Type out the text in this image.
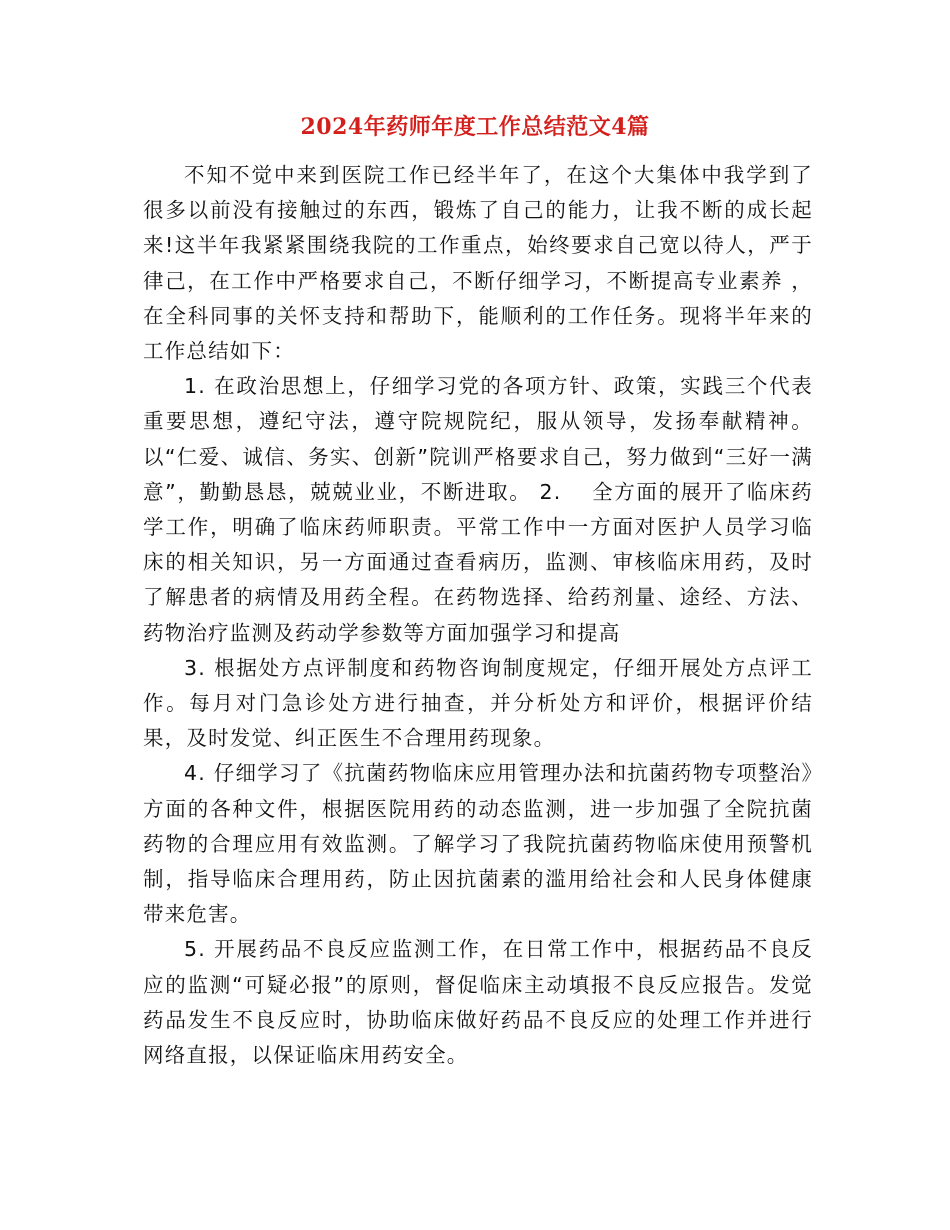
2024年药师年度工作总结范文4篇

不知不觉中来到医院工作已经半年了，在这个大集体中我学到了很多以前没有接触过的东西，锻炼了自己的能力，让我不断的成长起来!这半年我紧紧围绕我院的工作重点，始终要求自己宽以待人，严于律己，在工作中严格要求自己，不断仔细学习，不断提高专业素养 ，在全科同事的关怀支持和帮助下，能顺利的工作任务。现将半年来的工作总结如下：

1. 在政治思想上，仔细学习党的各项方针、政策，实践三个代表重要思想，遵纪守法，遵守院规院纪，服从领导，发扬奉献精神。以“仁爱、诚信、务实、创新”院训严格要求自己，努力做到“三好一满意”，勤勤恳恳，兢兢业业，不断进取。 2.　 全方面的展开了临床药学工作，明确了临床药师职责。平常工作中一方面对医护人员学习临床的相关知识，另一方面通过查看病历，监测、审核临床用药，及时了解患者的病情及用药全程。在药物选择、给药剂量、途经、方法、药物治疗监测及药动学参数等方面加强学习和提高

3. 根据处方点评制度和药物咨询制度规定，仔细开展处方点评工作。每月对门急诊处方进行抽查，并分析处方和评价，根据评价结果，及时发觉、纠正医生不合理用药现象。

4. 仔细学习了《抗菌药物临床应用管理办法和抗菌药物专项整治》方面的各种文件，根据医院用药的动态监测，进一步加强了全院抗菌药物的合理应用有效监测。了解学习了我院抗菌药物临床使用预警机制，指导临床合理用药，防止因抗菌素的滥用给社会和人民身体健康带来危害。

5. 开展药品不良反应监测工作，在日常工作中，根据药品不良反应的监测“可疑必报”的原则，督促临床主动填报不良反应报告。发觉药品发生不良反应时，协助临床做好药品不良反应的处理工作并进行网络直报，以保证临床用药安全。
